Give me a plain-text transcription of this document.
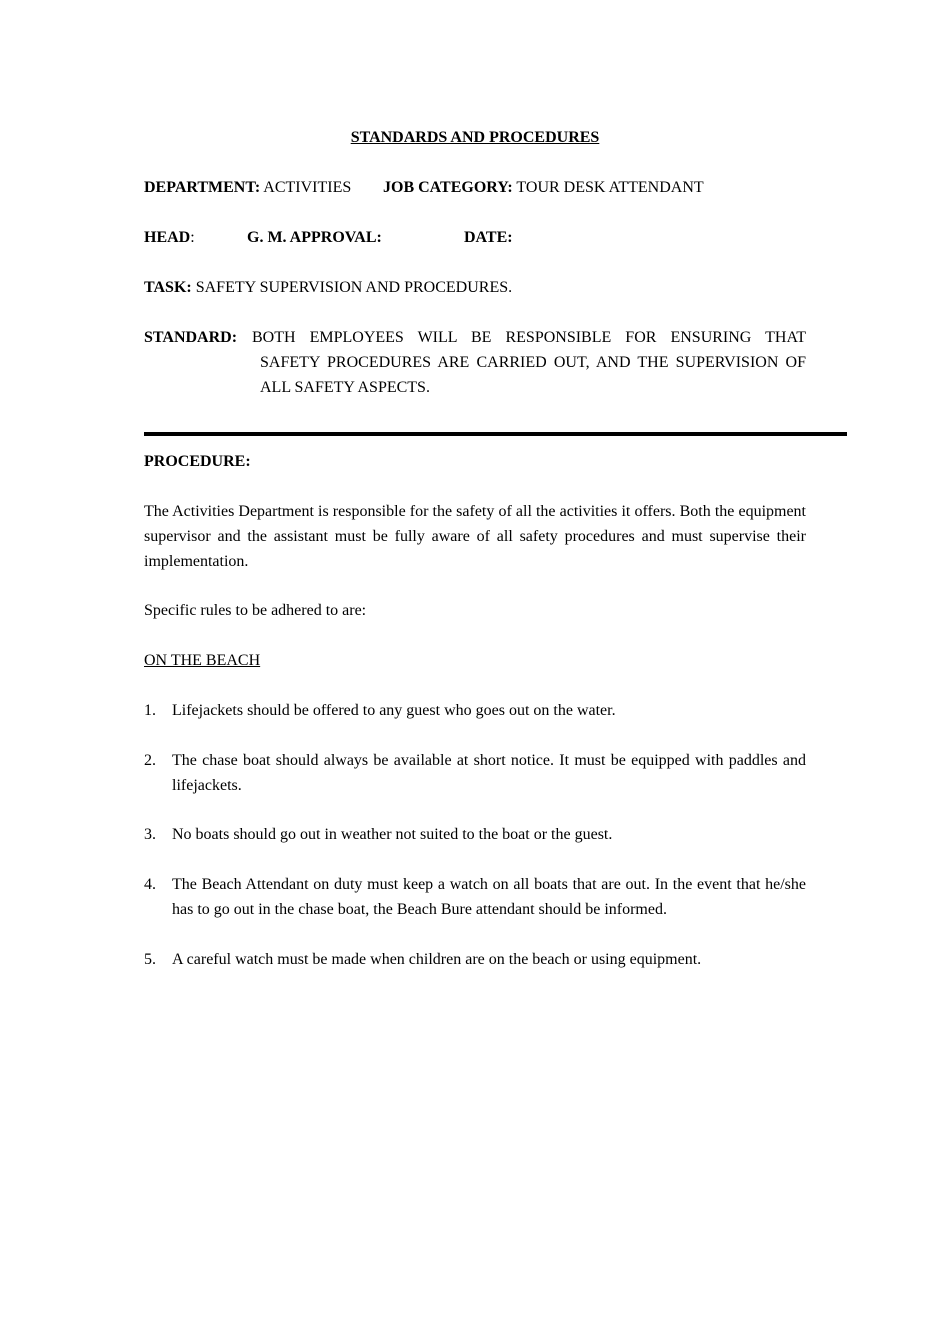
STANDARDS AND PROCEDURES
DEPARTMENT: ACTIVITIES JOB CATEGORY: TOUR DESK ATTENDANT
HEAD:	G. M. APPROVAL:	DATE:
TASK: SAFETY SUPERVISION AND PROCEDURES.
STANDARD: BOTH EMPLOYEES WILL BE RESPONSIBLE FOR ENSURING THAT
SAFETY PROCEDURES ARE CARRIED OUT, AND THE SUPERVISION OF
ALL SAFETY ASPECTS.
PROCEDURE:
The Activities Department is responsible for the safety of all the activities it offers. Both the equipment supervisor and the assistant must be fully aware of all safety procedures and must supervise their implementation.
Specific rules to be adhered to are:
ON THE BEACH
1. Lifejackets should be offered to any guest who goes out on the water.
2. The chase boat should always be available at short notice. It must be equipped with paddles and lifejackets.
3. No boats should go out in weather not suited to the boat or the guest.
4. The Beach Attendant on duty must keep a watch on all boats that are out. In the event that he/she has to go out in the chase boat, the Beach Bure attendant should be informed.
5. A careful watch must be made when children are on the beach or using equipment.
